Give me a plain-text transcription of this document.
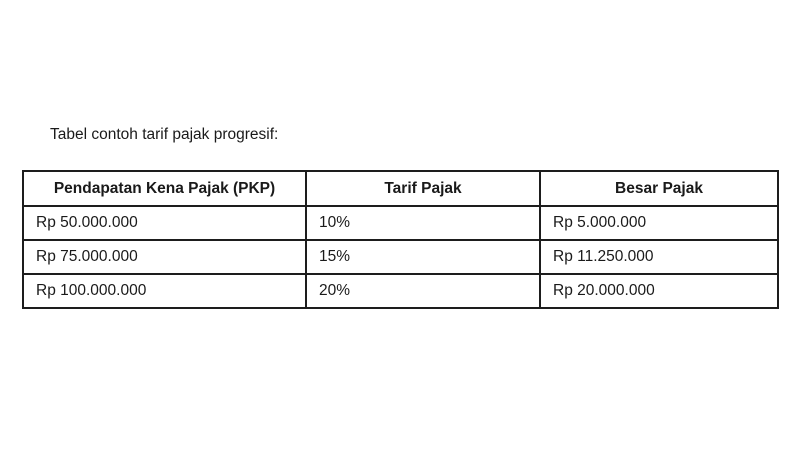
Tabel contoh tarif pajak progresif:
Pendapatan Kena Pajak (PKP)	Tarif Pajak	Besar Pajak
Rp 50.000.000	10%	Rp 5.000.000
Rp 75.000.000	15%	Rp 11.250.000
Rp 100.000.000	20%	Rp 20.000.000
